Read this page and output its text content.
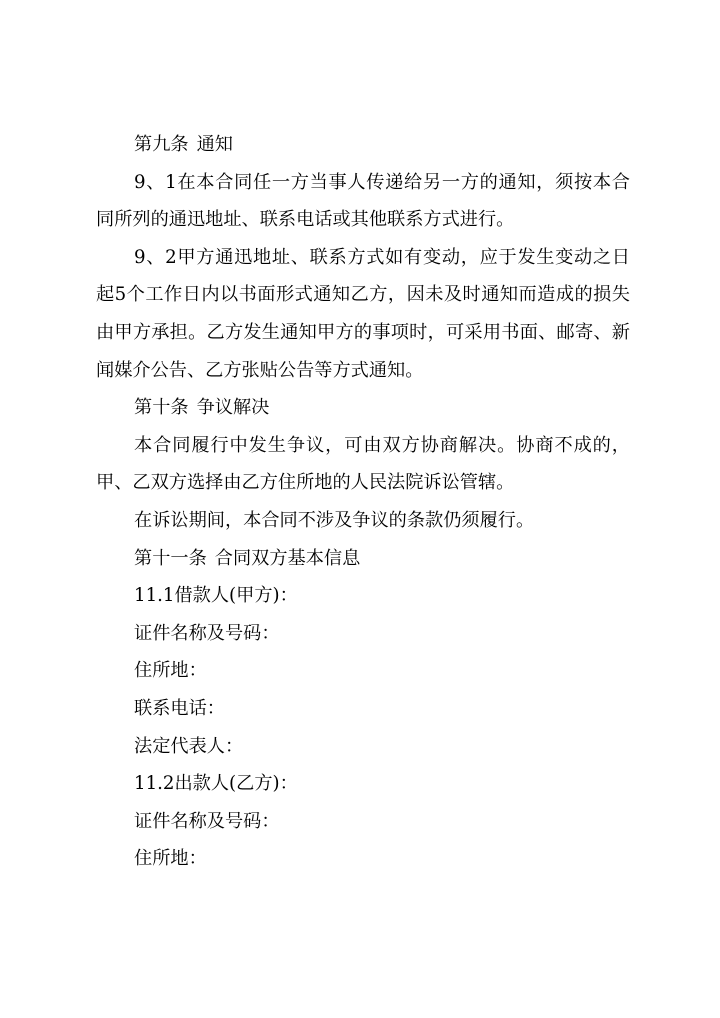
第九条 通知

9、1在本合同任一方当事人传递给另一方的通知，须按本合同所列的通迅地址、联系电话或其他联系方式进行。

9、2甲方通迅地址、联系方式如有变动，应于发生变动之日起5个工作日内以书面形式通知乙方，因未及时通知而造成的损失由甲方承担。乙方发生通知甲方的事项时，可采用书面、邮寄、新闻媒介公告、乙方张贴公告等方式通知。

第十条 争议解决

本合同履行中发生争议，可由双方协商解决。协商不成的，甲、乙双方选择由乙方住所地的人民法院诉讼管辖。

在诉讼期间，本合同不涉及争议的条款仍须履行。

第十一条 合同双方基本信息

11.1借款人(甲方)：

证件名称及号码：

住所地：

联系电话：

法定代表人：

11.2出款人(乙方)：

证件名称及号码：

住所地：
